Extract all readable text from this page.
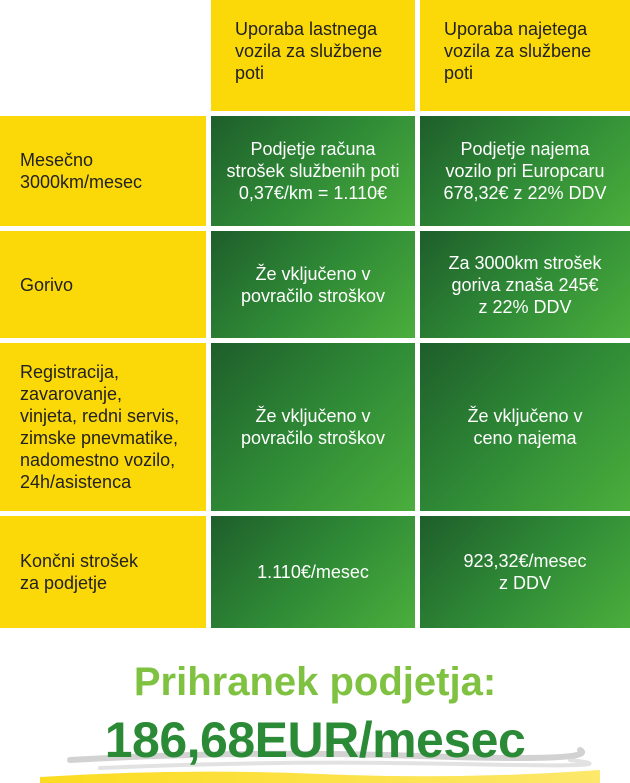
Uporaba lastnega
vozila za službene
poti
Uporaba najetega
vozila za službene
poti
Mesečno
3000km/mesec
Podjetje računa
strošek službenih poti
0,37€/km = 1.110€
Podjetje najema
vozilo pri Europcaru
678,32€ z 22% DDV
Gorivo
Že vključeno v
povračilo stroškov
Za 3000km strošek
goriva znaša 245€
z 22% DDV
Registracija,
zavarovanje,
vinjeta, redni servis,
zimske pnevmatike,
nadomestno vozilo,
24h/asistenca
Že vključeno v
povračilo stroškov
Že vključeno v
ceno najema
Končni strošek
za podjetje
1.110€/mesec
923,32€/mesec
z DDV
Prihranek podjetja:
186,68EUR/mesec
